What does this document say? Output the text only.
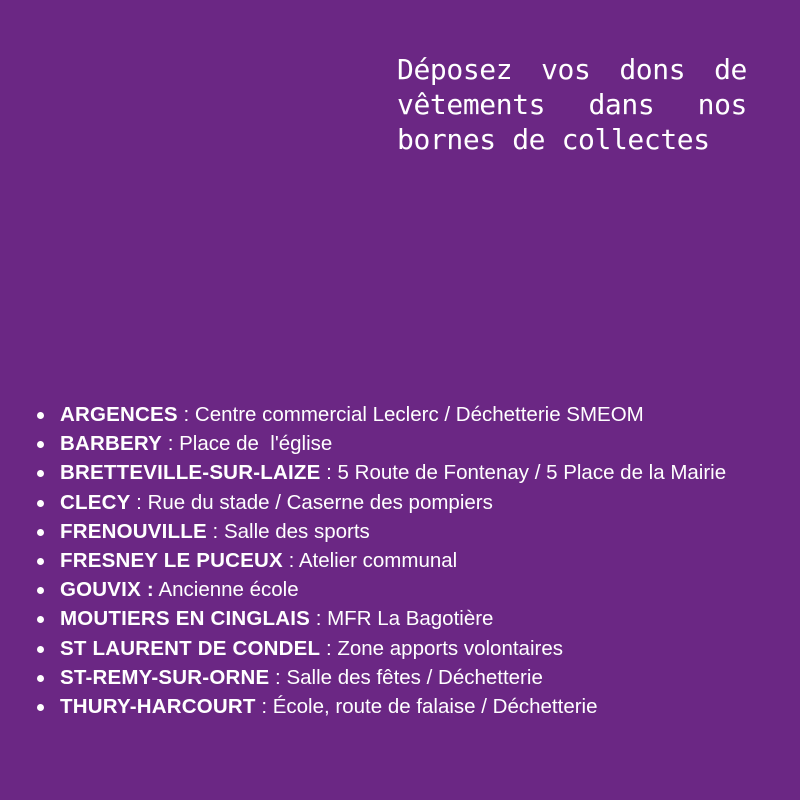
Déposez vos dons de
vêtements dans nos
bornes de collectes
ARGENCES : Centre commercial Leclerc / Déchetterie SMEOM
BARBERY : Place de  l'église
BRETTEVILLE-SUR-LAIZE : 5 Route de Fontenay / 5 Place de la Mairie
CLECY : Rue du stade / Caserne des pompiers
FRENOUVILLE : Salle des sports
FRESNEY LE PUCEUX : Atelier communal
GOUVIX : Ancienne école
MOUTIERS EN CINGLAIS : MFR La Bagotière
ST LAURENT DE CONDEL : Zone apports volontaires
ST-REMY-SUR-ORNE : Salle des fêtes / Déchetterie
THURY-HARCOURT : École, route de falaise / Déchetterie
